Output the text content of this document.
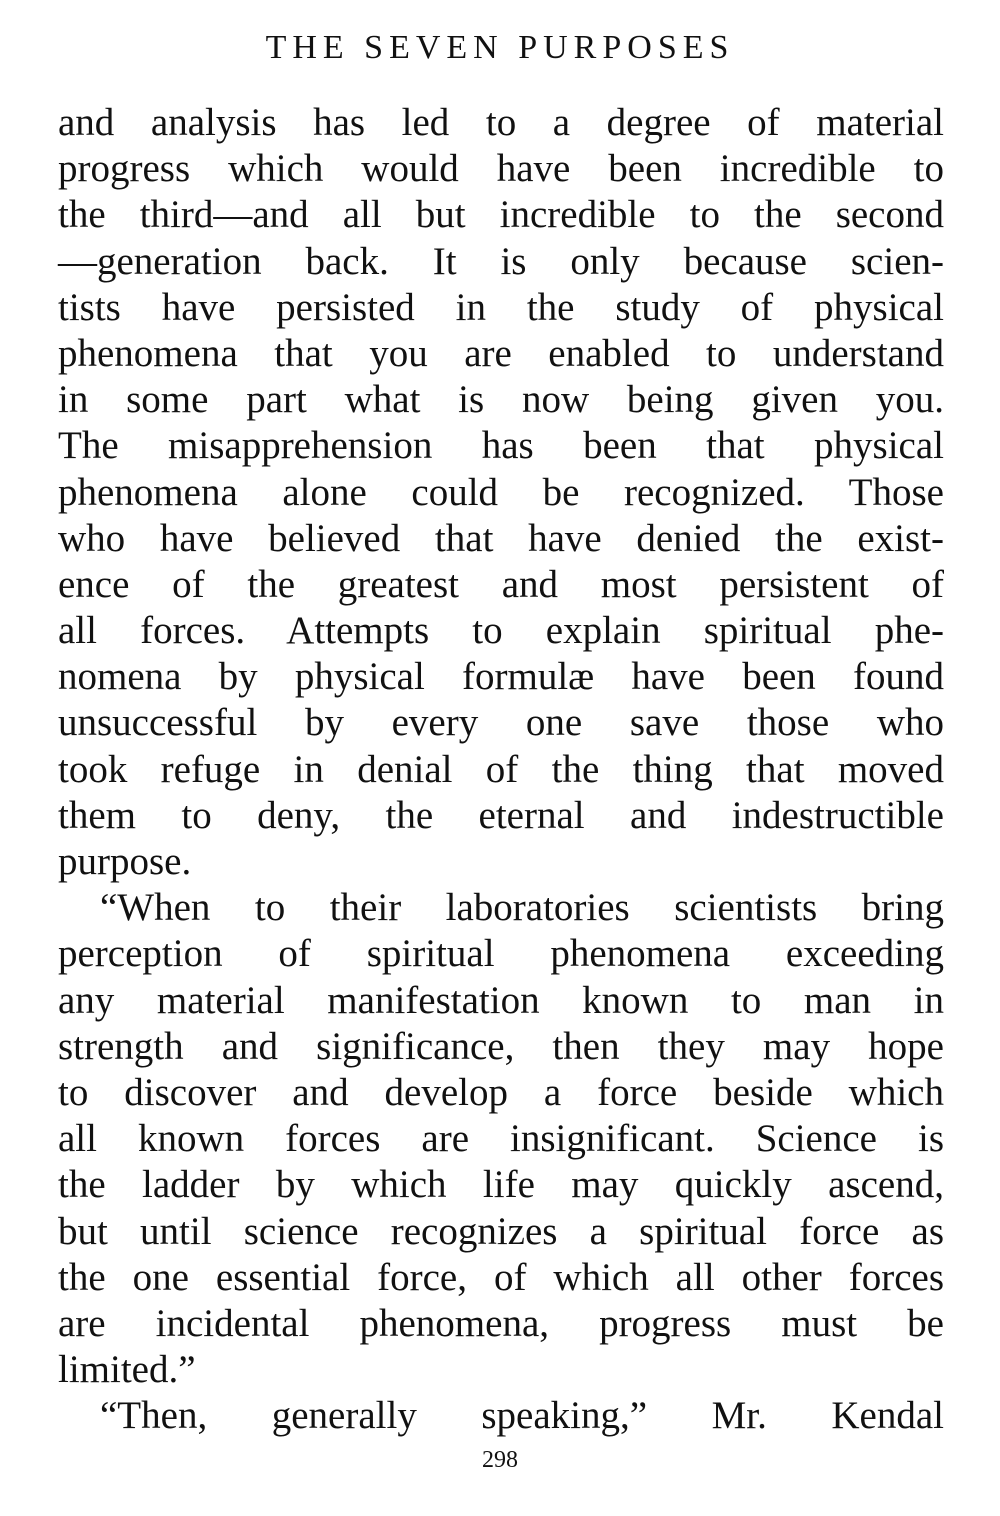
THE SEVEN PURPOSES
and analysis has led to a degree of material
progress which would have been incredible to
the third—and all but incredible to the second
—generation back. It is only because scien-
tists have persisted in the study of physical
phenomena that you are enabled to understand
in some part what is now being given you.
The misapprehension has been that physical
phenomena alone could be recognized. Those
who have believed that have denied the exist-
ence of the greatest and most persistent of
all forces. Attempts to explain spiritual phe-
nomena by physical formulæ have been found
unsuccessful by every one save those who
took refuge in denial of the thing that moved
them to deny, the eternal and indestructible
purpose.
“When to their laboratories scientists bring
perception of spiritual phenomena exceeding
any material manifestation known to man in
strength and significance, then they may hope
to discover and develop a force beside which
all known forces are insignificant. Science is
the ladder by which life may quickly ascend,
but until science recognizes a spiritual force as
the one essential force, of which all other forces
are incidental phenomena, progress must be
limited.”
“Then, generally speaking,” Mr. Kendal
298
